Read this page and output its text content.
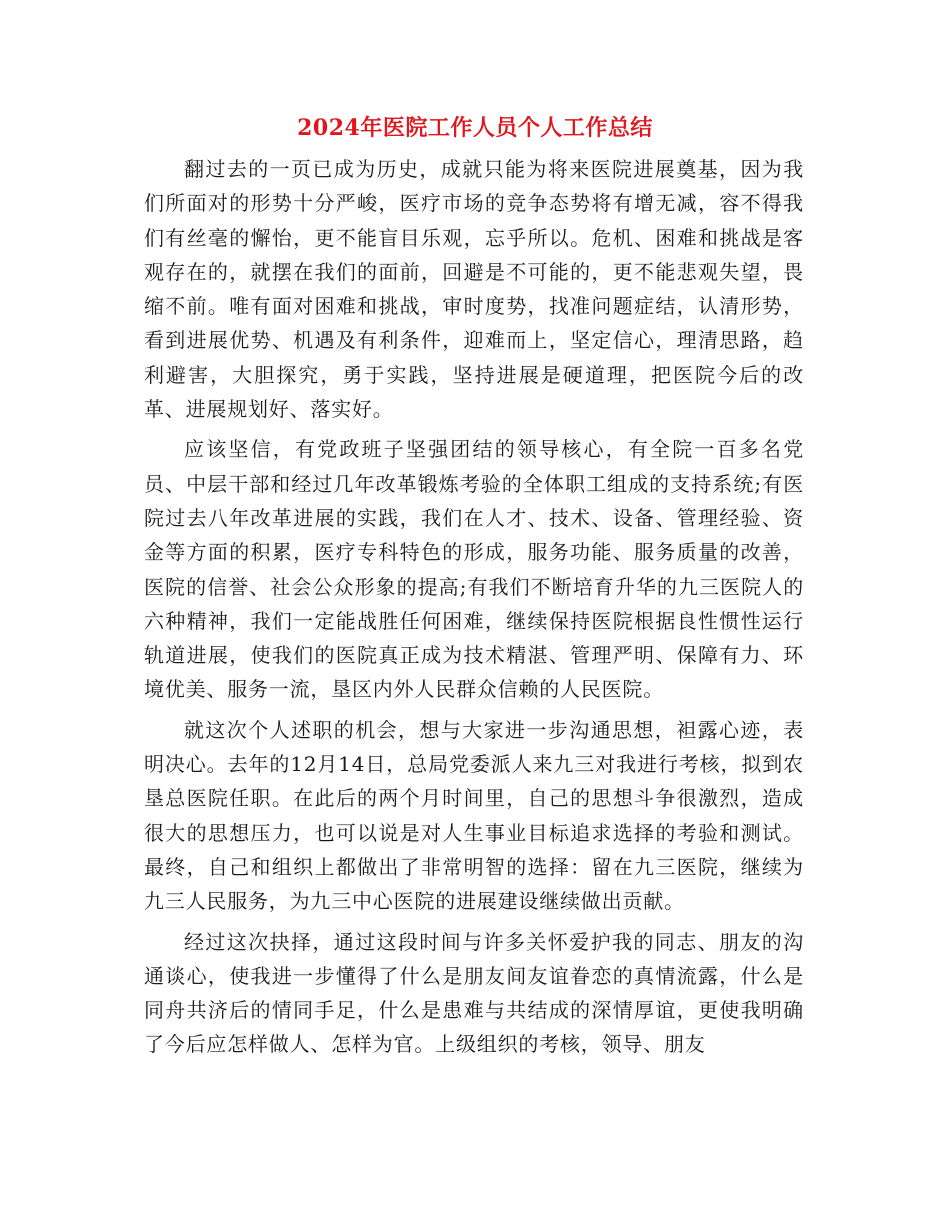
2024年医院工作人员个人工作总结

翻过去的一页已成为历史，成就只能为将来医院进展奠基，因为我们所面对的形势十分严峻，医疗市场的竞争态势将有增无减，容不得我们有丝毫的懈怡，更不能盲目乐观，忘乎所以。危机、困难和挑战是客观存在的，就摆在我们的面前，回避是不可能的，更不能悲观失望，畏缩不前。唯有面对困难和挑战，审时度势，找准问题症结，认清形势，看到进展优势、机遇及有利条件，迎难而上，坚定信心，理清思路，趋利避害，大胆探究，勇于实践，坚持进展是硬道理，把医院今后的改革、进展规划好、落实好。

应该坚信，有党政班子坚强团结的领导核心，有全院一百多名党员、中层干部和经过几年改革锻炼考验的全体职工组成的支持系统;有医院过去八年改革进展的实践，我们在人才、技术、设备、管理经验、资金等方面的积累，医疗专科特色的形成，服务功能、服务质量的改善，医院的信誉、社会公众形象的提高;有我们不断培育升华的九三医院人的六种精神，我们一定能战胜任何困难，继续保持医院根据良性惯性运行轨道进展，使我们的医院真正成为技术精湛、管理严明、保障有力、环境优美、服务一流，垦区内外人民群众信赖的人民医院。

就这次个人述职的机会，想与大家进一步沟通思想，袒露心迹，表明决心。去年的12月14日，总局党委派人来九三对我进行考核，拟到农垦总医院任职。在此后的两个月时间里，自己的思想斗争很激烈，造成很大的思想压力，也可以说是对人生事业目标追求选择的考验和测试。最终，自己和组织上都做出了非常明智的选择：留在九三医院，继续为九三人民服务，为九三中心医院的进展建设继续做出贡献。

经过这次抉择，通过这段时间与许多关怀爱护我的同志、朋友的沟通谈心，使我进一步懂得了什么是朋友间友谊眷恋的真情流露，什么是同舟共济后的情同手足，什么是患难与共结成的深情厚谊，更使我明确了今后应怎样做人、怎样为官。上级组织的考核，领导、朋友
